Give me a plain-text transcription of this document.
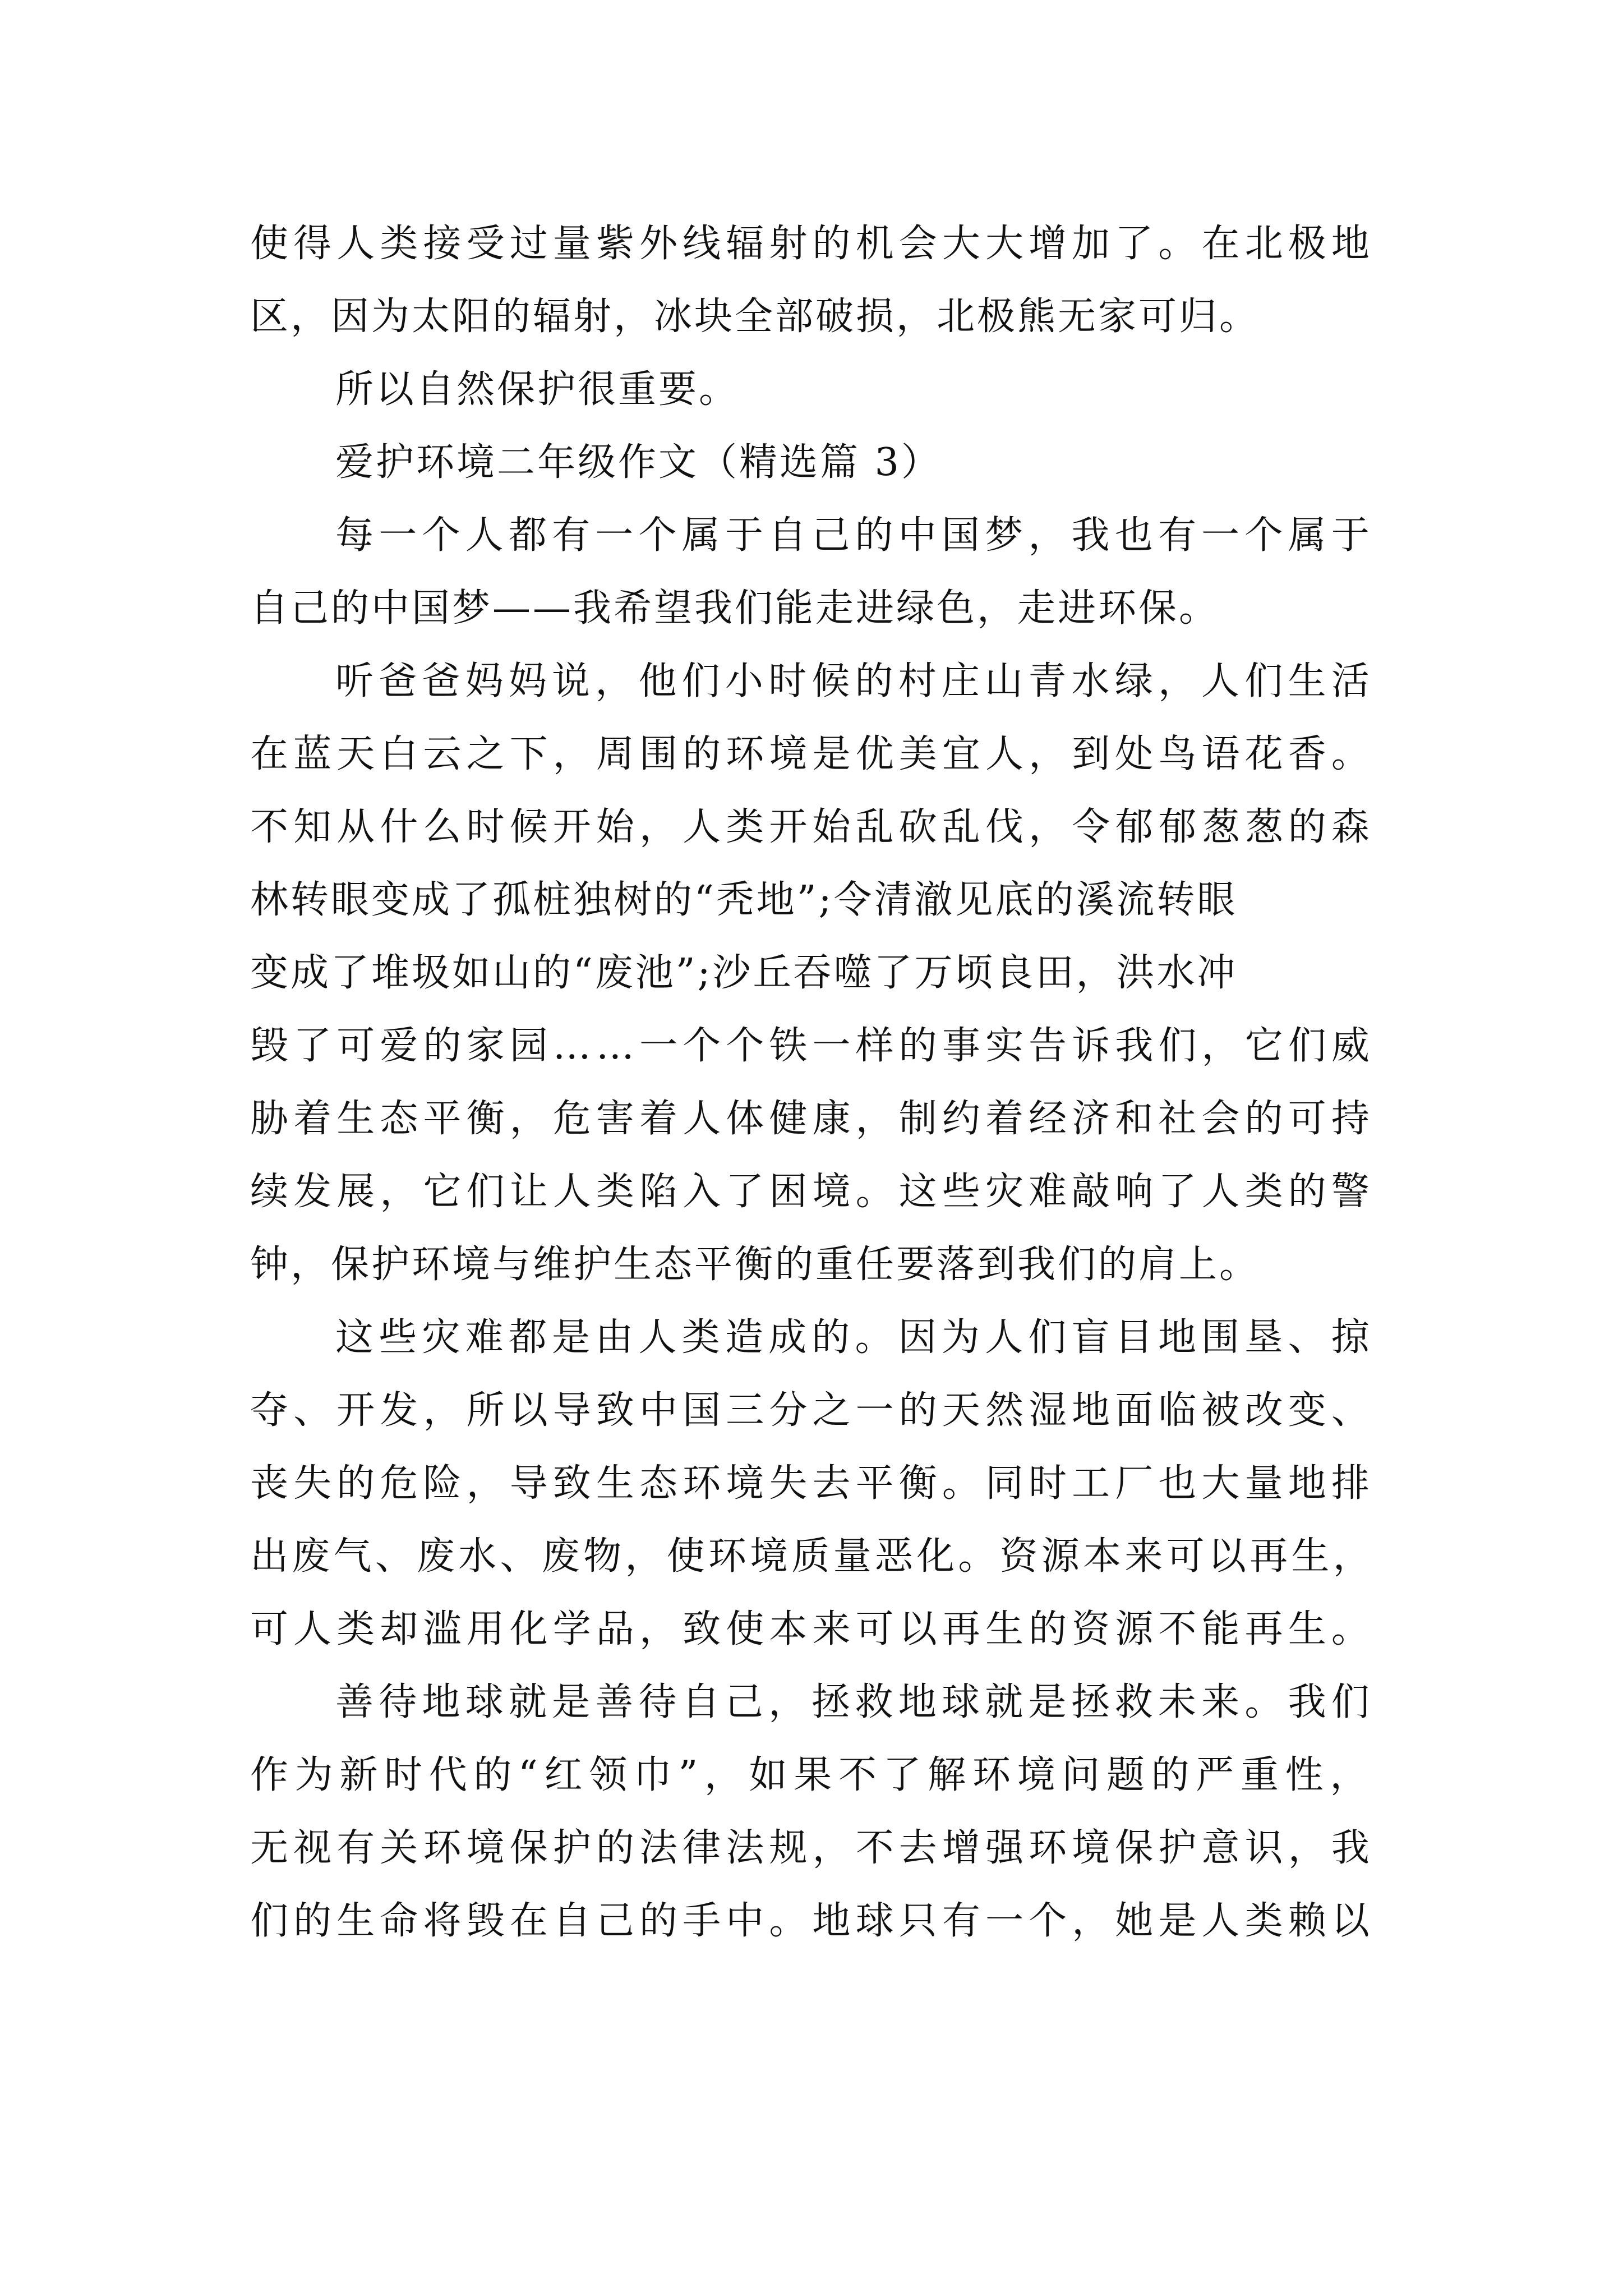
使得人类接受过量紫外线辐射的机会大大增加了。在北极地
区，因为太阳的辐射，冰块全部破损，北极熊无家可归。
所以自然保护很重要。
爱护环境二年级作文（精选篇 3）
每一个人都有一个属于自己的中国梦，我也有一个属于
自己的中国梦——我希望我们能走进绿色，走进环保。
听爸爸妈妈说，他们小时候的村庄山青水绿，人们生活
在蓝天白云之下，周围的环境是优美宜人，到处鸟语花香。
不知从什么时候开始，人类开始乱砍乱伐，令郁郁葱葱的森
林转眼变成了孤桩独树的“秃地”;令清澈见底的溪流转眼
变成了堆圾如山的“废池”;沙丘吞噬了万顷良田，洪水冲
毁了可爱的家园……一个个铁一样的事实告诉我们，它们威
胁着生态平衡，危害着人体健康，制约着经济和社会的可持
续发展，它们让人类陷入了困境。这些灾难敲响了人类的警
钟，保护环境与维护生态平衡的重任要落到我们的肩上。
这些灾难都是由人类造成的。因为人们盲目地围垦、掠
夺、开发，所以导致中国三分之一的天然湿地面临被改变、
丧失的危险，导致生态环境失去平衡。同时工厂也大量地排
出废气、废水、废物，使环境质量恶化。资源本来可以再生，
可人类却滥用化学品，致使本来可以再生的资源不能再生。
善待地球就是善待自己，拯救地球就是拯救未来。我们
作为新时代的“红领巾”，如果不了解环境问题的严重性，
无视有关环境保护的法律法规，不去增强环境保护意识，我
们的生命将毁在自己的手中。地球只有一个，她是人类赖以
